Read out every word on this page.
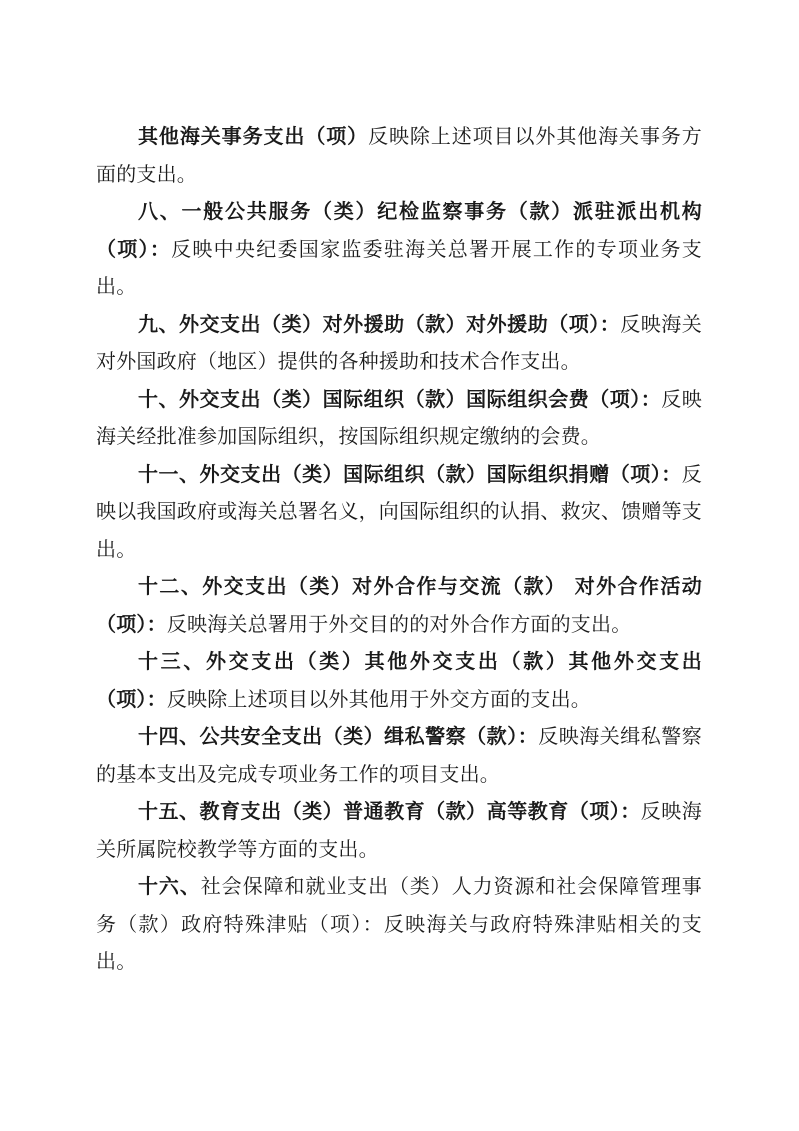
其他海关事务支出（项）反映除上述项目以外其他海关事务方面的支出。

八、一般公共服务（类）纪检监察事务（款）派驻派出机构（项）：反映中央纪委国家监委驻海关总署开展工作的专项业务支出。

九、外交支出（类）对外援助（款）对外援助（项）：反映海关对外国政府（地区）提供的各种援助和技术合作支出。

十、外交支出（类）国际组织（款）国际组织会费（项）：反映海关经批准参加国际组织，按国际组织规定缴纳的会费。

十一、外交支出（类）国际组织（款）国际组织捐赠（项）：反映以我国政府或海关总署名义，向国际组织的认捐、救灾、馈赠等支出。

十二、外交支出（类）对外合作与交流（款） 对外合作活动（项）：反映海关总署用于外交目的的对外合作方面的支出。

十三、外交支出（类）其他外交支出（款）其他外交支出（项）：反映除上述项目以外其他用于外交方面的支出。

十四、公共安全支出（类）缉私警察（款）：反映海关缉私警察的基本支出及完成专项业务工作的项目支出。

十五、教育支出（类）普通教育（款）高等教育（项）：反映海关所属院校教学等方面的支出。

十六、社会保障和就业支出（类）人力资源和社会保障管理事务（款）政府特殊津贴（项）：反映海关与政府特殊津贴相关的支出。
